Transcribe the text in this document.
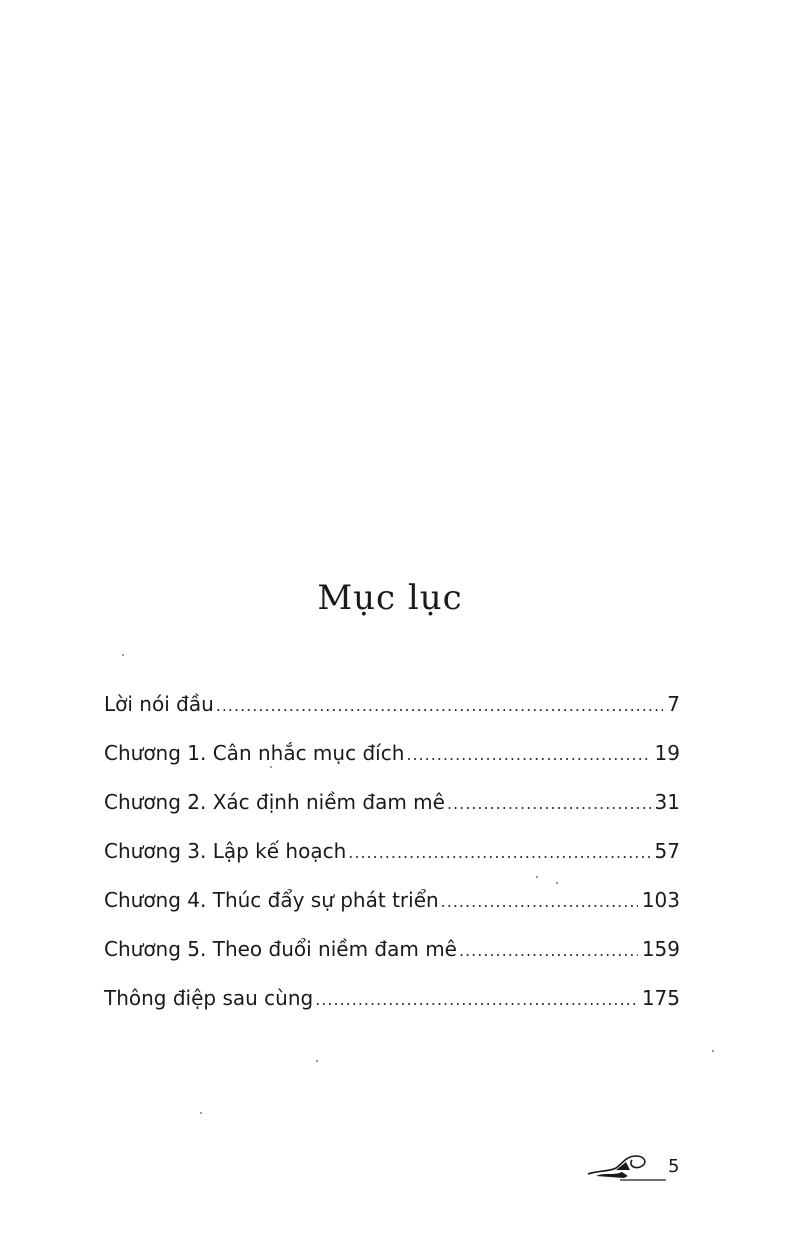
Mục lục
Lời nói đầu .....	7
Chương 1. Cân nhắc mục đích .....	19
Chương 2. Xác định niềm đam mê .....	31
Chương 3. Lập kế hoạch .....	57
Chương 4. Thúc đẩy sự phát triển .....	103
Chương 5. Theo đuổi niềm đam mê .....	159
Thông điệp sau cùng .....	175
5
